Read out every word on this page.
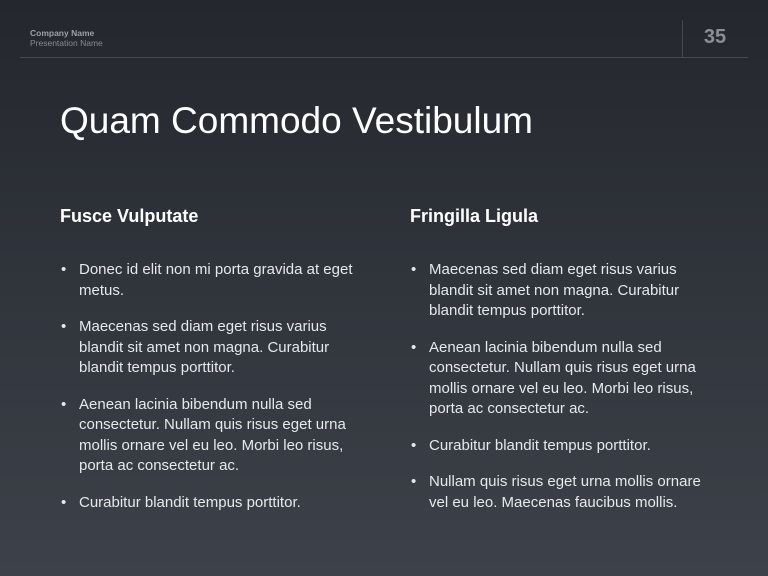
Company Name
Presentation Name	35
Quam Commodo Vestibulum
Fusce Vulputate
• Donec id elit non mi porta gravida at eget metus.
• Maecenas sed diam eget risus varius blandit sit amet non magna. Curabitur blandit tempus porttitor.
• Aenean lacinia bibendum nulla sed consectetur. Nullam quis risus eget urna mollis ornare vel eu leo. Morbi leo risus, porta ac consectetur ac.
• Curabitur blandit tempus porttitor.
Fringilla Ligula
• Maecenas sed diam eget risus varius blandit sit amet non magna. Curabitur blandit tempus porttitor.
• Aenean lacinia bibendum nulla sed consectetur. Nullam quis risus eget urna mollis ornare vel eu leo. Morbi leo risus, porta ac consectetur ac.
• Curabitur blandit tempus porttitor.
• Nullam quis risus eget urna mollis ornare vel eu leo. Maecenas faucibus mollis.
